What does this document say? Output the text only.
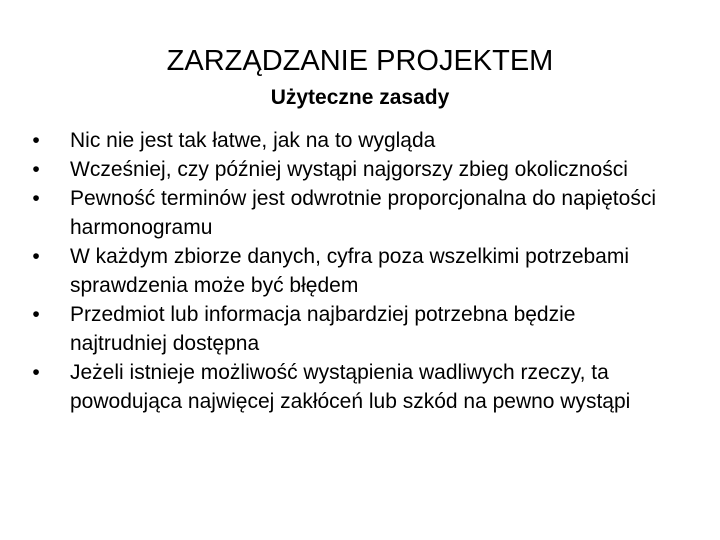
ZARZĄDZANIE PROJEKTEM
Użyteczne zasady
•	Nic nie jest tak łatwe, jak na to wygląda
•	Wcześniej, czy później wystąpi najgorszy zbieg okoliczności
•	Pewność terminów jest odwrotnie proporcjonalna do napiętości harmonogramu
•	W każdym zbiorze danych, cyfra poza wszelkimi potrzebami sprawdzenia może być błędem
•	Przedmiot lub informacja najbardziej potrzebna będzie najtrudniej dostępna
•	Jeżeli istnieje możliwość wystąpienia wadliwych rzeczy, ta powodująca najwięcej zakłóceń lub szkód na pewno wystąpi
